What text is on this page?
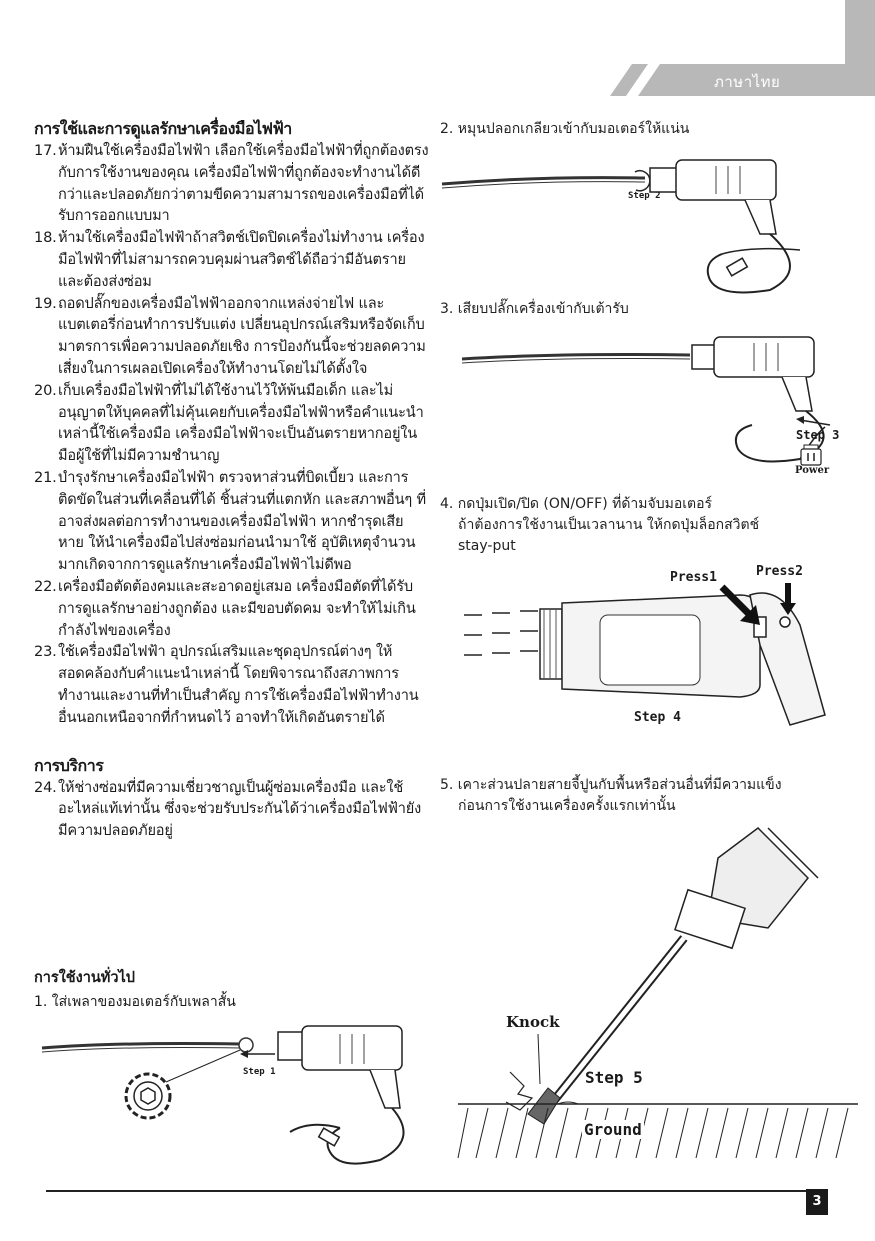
ภาษาไทย

การใช้และการดูแลรักษาเครื่องมือไฟฟ้า

17. ห้ามฝืนใช้เครื่องมือไฟฟ้า เลือกใช้เครื่องมือไฟฟ้าที่ถูกต้องตรงกับการใช้งานของคุณ เครื่องมือไฟฟ้าที่ถูกต้องจะทำงานได้ดีกว่าและปลอดภัยกว่าตามขีดความสามารถของเครื่องมือที่ได้รับการออกแบบมา
18. ห้ามใช้เครื่องมือไฟฟ้าถ้าสวิตช์เปิดปิดเครื่องไม่ทำงาน เครื่องมือไฟฟ้าที่ไม่สามารถควบคุมผ่านสวิตช์ได้ถือว่ามีอันตรายและต้องส่งซ่อม
19. ถอดปลั๊กของเครื่องมือไฟฟ้าออกจากแหล่งจ่ายไฟ และแบตเตอรี่ก่อนทำการปรับแต่ง เปลี่ยนอุปกรณ์เสริมหรือจัดเก็บมาตรการเพื่อความปลอดภัยเชิง การป้องกันนี้จะช่วยลดความเสี่ยงในการเผลอเปิดเครื่องให้ทำงานโดยไม่ได้ตั้งใจ
20. เก็บเครื่องมือไฟฟ้าที่ไม่ได้ใช้งานไว้ให้พ้นมือเด็ก และไม่อนุญาตให้บุคคลที่ไม่คุ้นเคยกับเครื่องมือไฟฟ้าหรือคำแนะนำเหล่านี้ใช้เครื่องมือ เครื่องมือไฟฟ้าจะเป็นอันตรายหากอยู่ในมือผู้ใช้ที่ไม่มีความชำนาญ
21. บำรุงรักษาเครื่องมือไฟฟ้า ตรวจหาส่วนที่บิดเบี้ยว และการติดขัดในส่วนที่เคลื่อนที่ได้ ชิ้นส่วนที่แตกหัก และสภาพอื่นๆ ที่อาจส่งผลต่อการทำงานของเครื่องมือไฟฟ้า หากชำรุดเสียหาย ให้นำเครื่องมือไปส่งซ่อมก่อนนำมาใช้ อุบัติเหตุจำนวนมากเกิดจากการดูแลรักษาเครื่องมือไฟฟ้าไม่ดีพอ
22. เครื่องมือตัดต้องคมและสะอาดอยู่เสมอ เครื่องมือตัดที่ได้รับการดูแลรักษาอย่างถูกต้อง และมีขอบตัดคม จะทำให้ไม่เกินกำลังไฟของเครื่อง
23. ใช้เครื่องมือไฟฟ้า อุปกรณ์เสริมและชุดอุปกรณ์ต่างๆ ให้สอดคล้องกับคำแนะนำเหล่านี้ โดยพิจารณาถึงสภาพการทำงานและงานที่ทำเป็นสำคัญ การใช้เครื่องมือไฟฟ้าทำงานอื่นนอกเหนือจากที่กำหนดไว้ อาจทำให้เกิดอันตรายได้

การบริการ

24. ให้ช่างซ่อมที่มีความเชี่ยวชาญเป็นผู้ซ่อมเครื่องมือ และใช้อะไหล่แท้เท่านั้น ซึ่งจะช่วยรับประกันได้ว่าเครื่องมือไฟฟ้ายังมีความปลอดภัยอยู่

การใช้งานทั่วไป

1. ใส่เพลาของมอเตอร์กับเพลาสั้น
Step 1
2. หมุนปลอกเกลียวเข้ากับมอเตอร์ให้แน่น
Step 2
3. เสียบปลั๊กเครื่องเข้ากับเต้ารับ
Step 3
Power
4. กดปุ่มเปิด/ปิด (ON/OFF) ที่ด้ามจับมอเตอร์
ถ้าต้องการใช้งานเป็นเวลานาน ให้กดปุ่มล็อกสวิตช์
stay-put
Press1	Press2
Step 4
5. เคาะส่วนปลายสายจี้ปูนกับพื้นหรือส่วนอื่นที่มีความแข็ง
ก่อนการใช้งานเครื่องครั้งแรกเท่านั้น
Knock
Step 5
Ground
3
